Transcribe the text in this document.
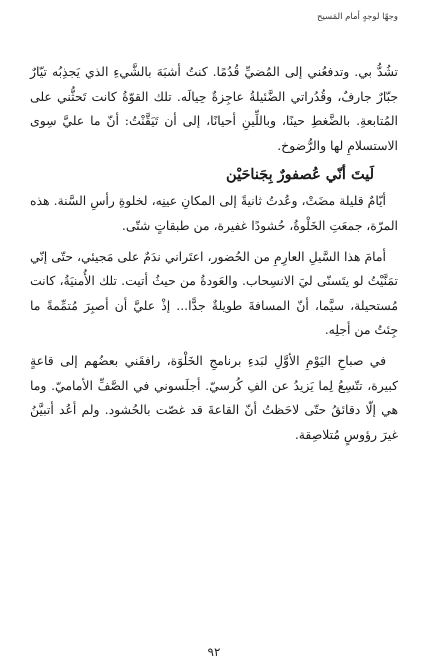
وجهًا لوجهٍ أمام المَسيح

تشُدُّ بي. وتدفعُني إلى المُضيِّ قُدُمًا. كنتُ أشبَهَ بالشَّيءِ الذي يَجذِبُه تيّارٌ جبّارٌ جارفٌ، وقُدُراتي الضَّئيلةُ عاجِزةٌ حِيالَه. تلك القوّةُ كانت تَحثُّني على المُتابعةِ. بالضَّغطِ حينًا، وباللِّينِ أحيانًا، إلى أن تَيَقَّنْتُ: أنّ ما عليَّ سِوى الاستسلامِ لها والرُّضوخ.

لَيتَ أنّي عُصفورٌ بِجَناحَيْن

أيّامٌ قليلة مضَتْ، وعُدتُ ثانيةً إلى المكانِ عينِه، لخلوةِ رأسِ السَّنة. هذه المرّة، جمعَتِ الخَلْوةُ، حُشودًا غفيرة، من طبقاتٍ شتّى.

أمامَ هذا السَّيلِ العارِمِ من الحُضور، اعتَراني ندَمٌ على مَجيئي، حتّى إنّي تمَنَّيْتُ لو يتَسنّى ليَ الانسِحاب. والعَودةُ من حيثُ أتيت. تلك الأُمنيَةُ، كانت مُستحيلة، سيَّما، أنّ المسافةَ طويلةٌ جدًّا... إذْ عليَّ أن أصبِرَ مُتمِّمةً ما جِئتُ من أجلِه.

في صباحِ اليَوْمِ الأوَّلِ لبَدءِ برنامجِ الخَلْوَة، رافقَني بعضُهم إلى قاعةٍ كبيرة، تتّسِعُ لِما يَزيدُ عن الفِ كُرسيّ. أجلَسوني في الصَّفِّ الأماميّ. وما هي إلّا دقائقُ حتّى لاحَظتُ أنّ القاعةَ قد غصّت بالحُشود. ولم أعُد أتبيَّنُ غيرَ رؤوسٍ مُتلاصِقة.

٩٢
